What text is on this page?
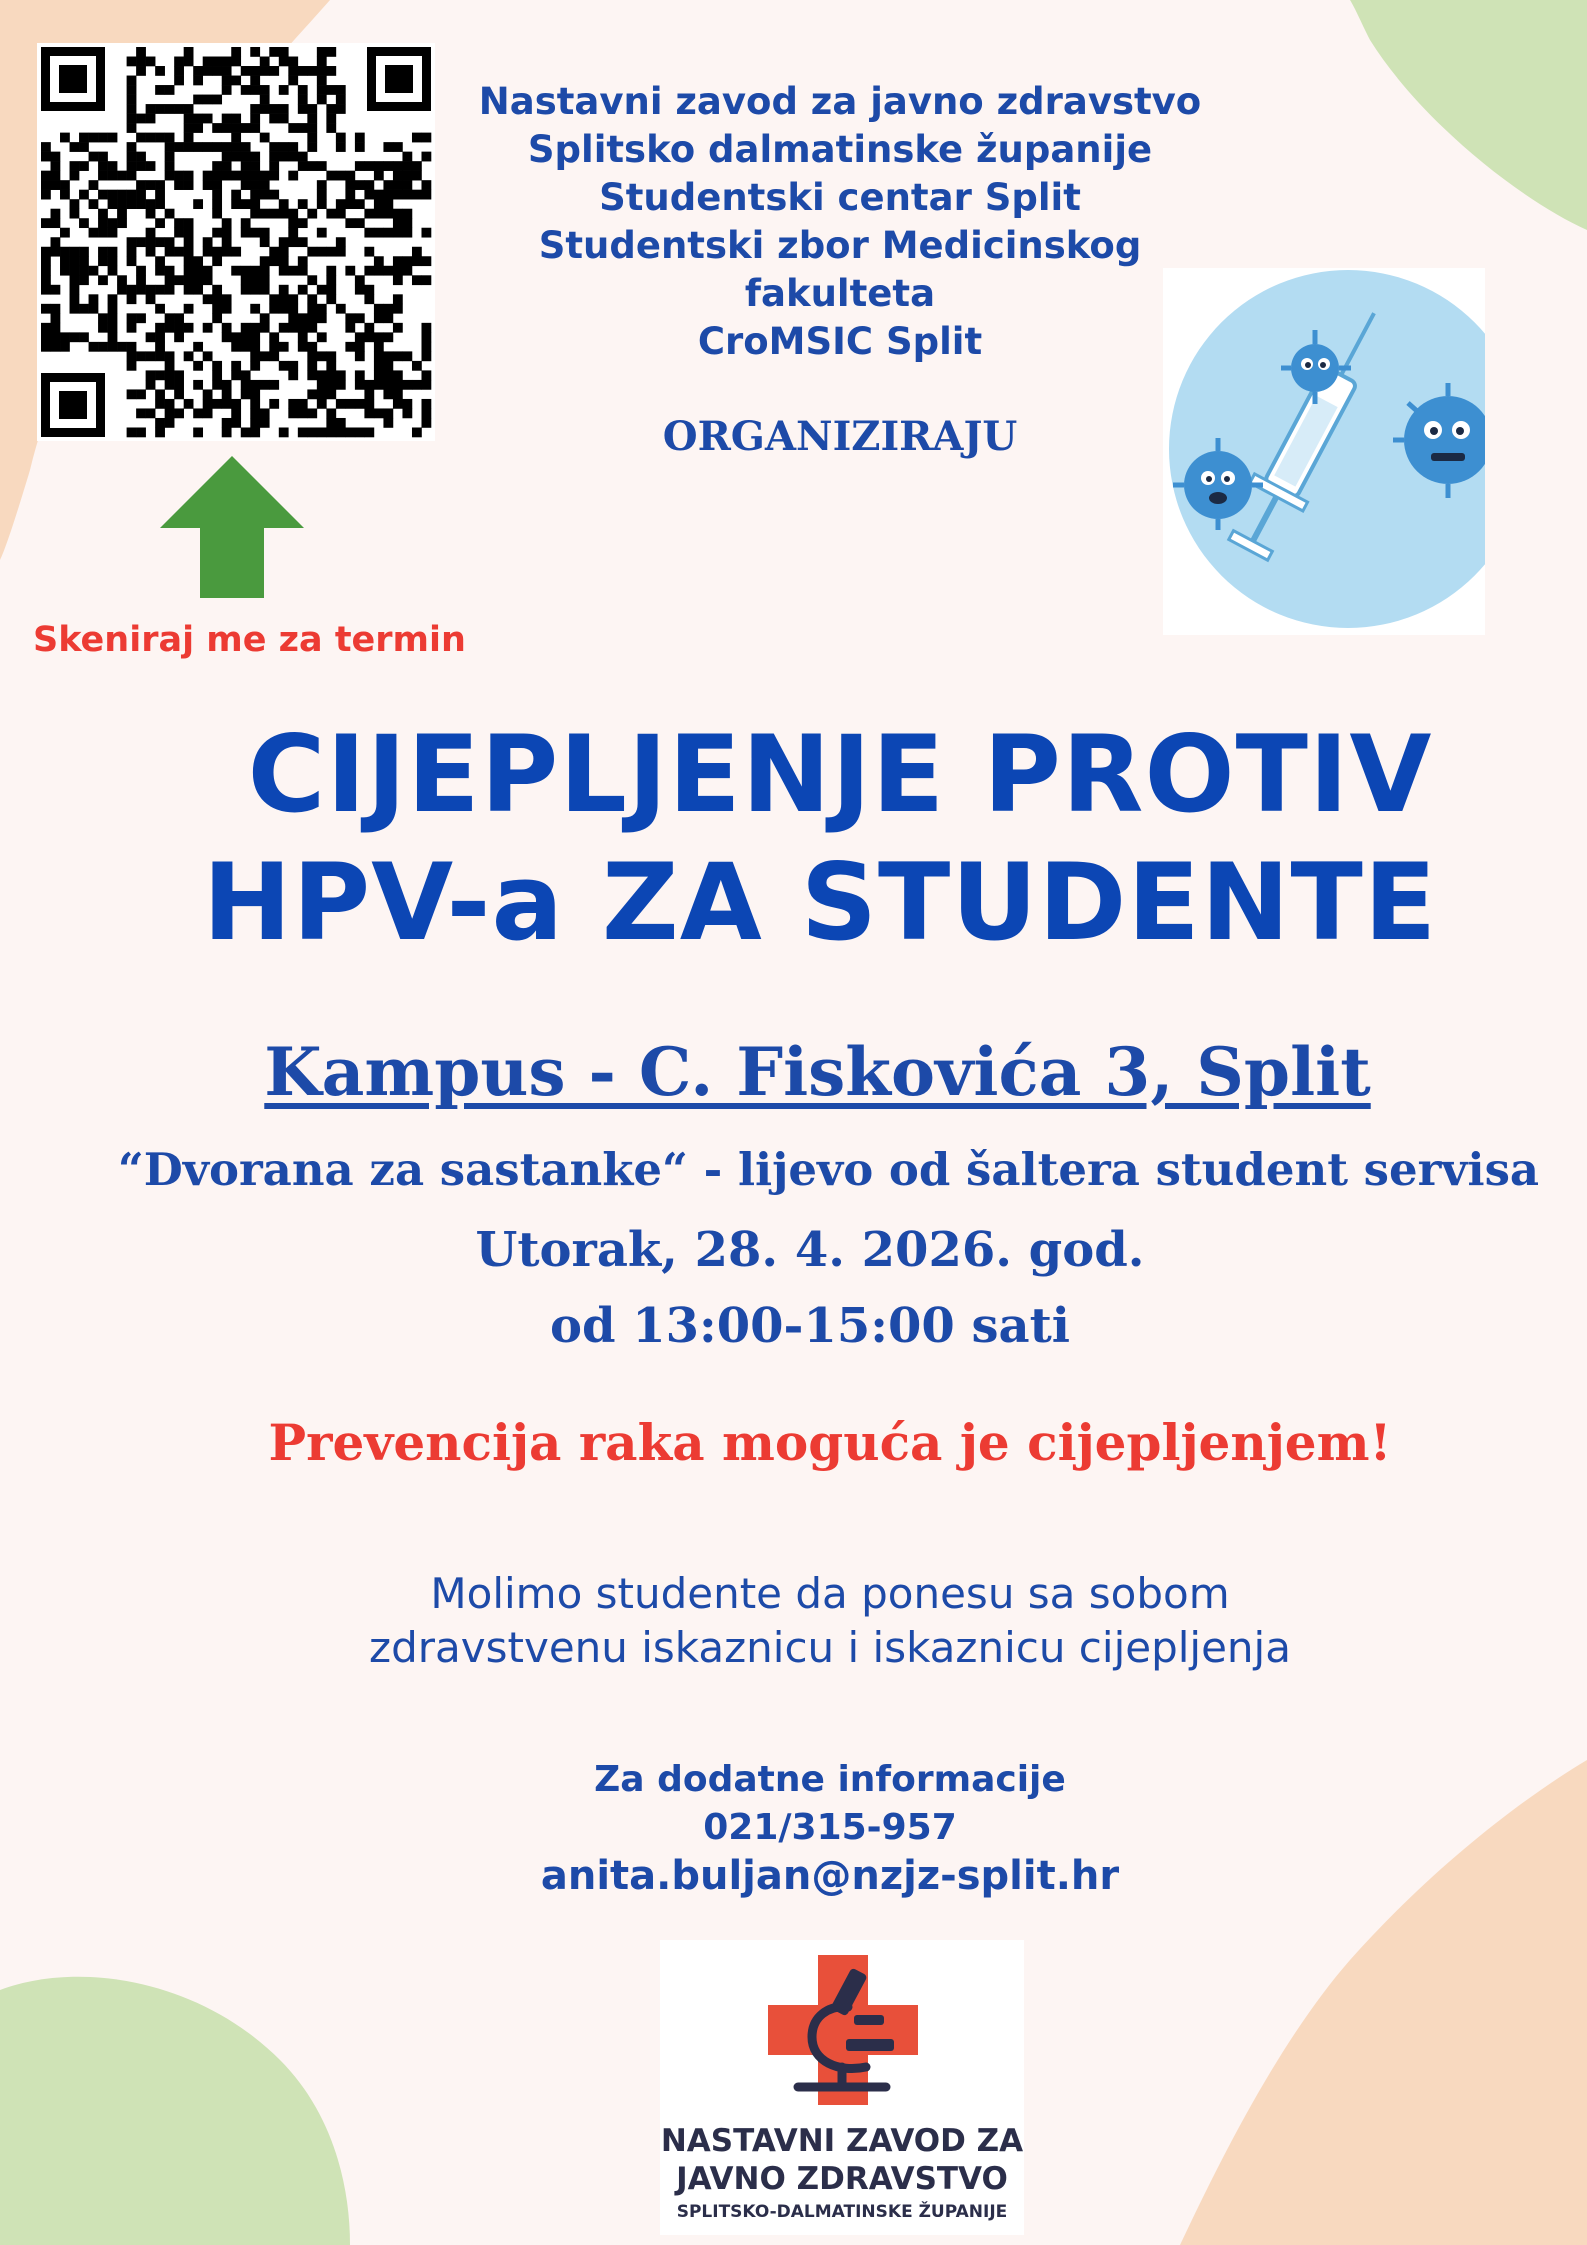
Skeniraj me za termin
Nastavni zavod za javno zdravstvo
Splitsko dalmatinske županije
Studentski centar Split
Studentski zbor Medicinskog
fakulteta
CroMSIC Split
ORGANIZIRAJU
CIJEPLJENJE PROTIV
HPV-a ZA STUDENTE
Kampus - C. Fiskovića 3, Split
“Dvorana za sastanke“ - lijevo od šaltera student servisa
Utorak, 28. 4. 2026. god.
od 13:00-15:00 sati
Prevencija raka moguća je cijepljenjem!
Molimo studente da ponesu sa sobom
zdravstvenu iskaznicu i iskaznicu cijepljenja
Za dodatne informacije
021/315-957
anita.buljan@nzjz-split.hr
NASTAVNI ZAVOD ZA
JAVNO ZDRAVSTVO
SPLITSKO-DALMATINSKE ŽUPANIJE
